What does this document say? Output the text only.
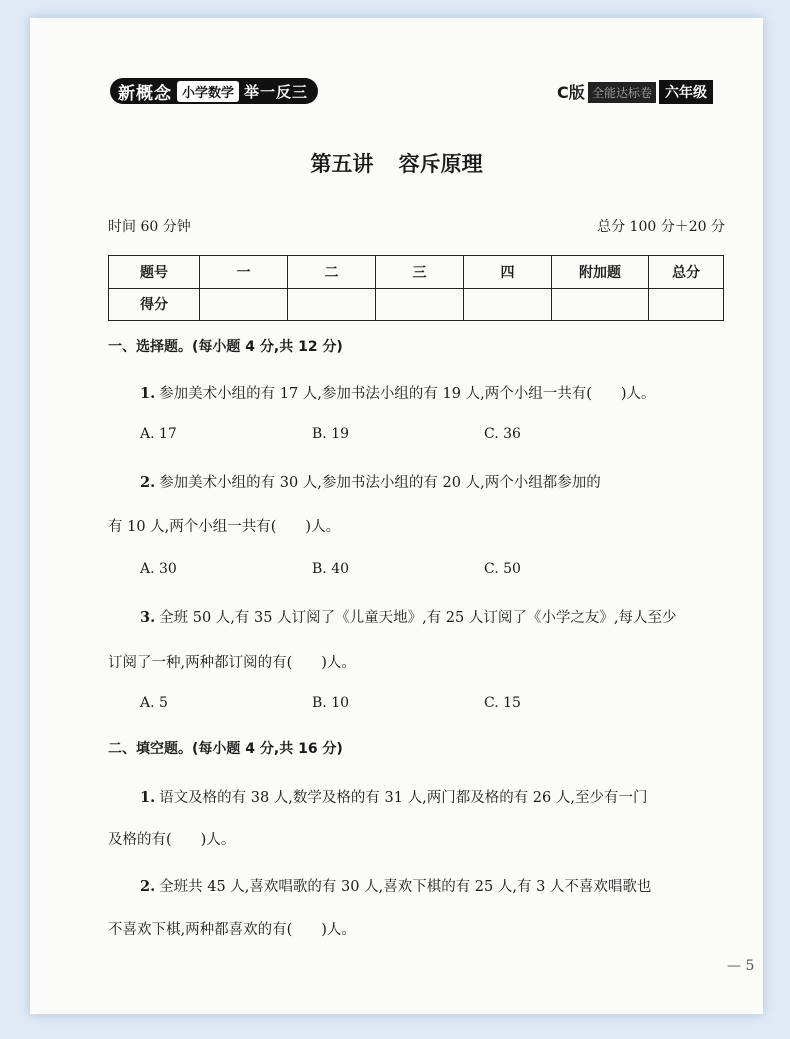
新概念 小学数学 举一反三	C版 全能达标卷 六年级
第五讲 容斥原理
时间 60 分钟	总分 100 分＋20 分
题号	一	二	三	四	附加题	总分
得分						
一、选择题。(每小题 4 分,共 12 分)
1. 参加美术小组的有 17 人,参加书法小组的有 19 人,两个小组一共有(　　)人。
A. 17	B. 19	C. 36
2. 参加美术小组的有 30 人,参加书法小组的有 20 人,两个小组都参加的
有 10 人,两个小组一共有(　　)人。
A. 30	B. 40	C. 50
3. 全班 50 人,有 35 人订阅了《儿童天地》,有 25 人订阅了《小学之友》,每人至少
订阅了一种,两种都订阅的有(　　)人。
A. 5	B. 10	C. 15
二、填空题。(每小题 4 分,共 16 分)
1. 语文及格的有 38 人,数学及格的有 31 人,两门都及格的有 26 人,至少有一门
及格的有(　　)人。
2. 全班共 45 人,喜欢唱歌的有 30 人,喜欢下棋的有 25 人,有 3 人不喜欢唱歌也
不喜欢下棋,两种都喜欢的有(　　)人。
— 5
